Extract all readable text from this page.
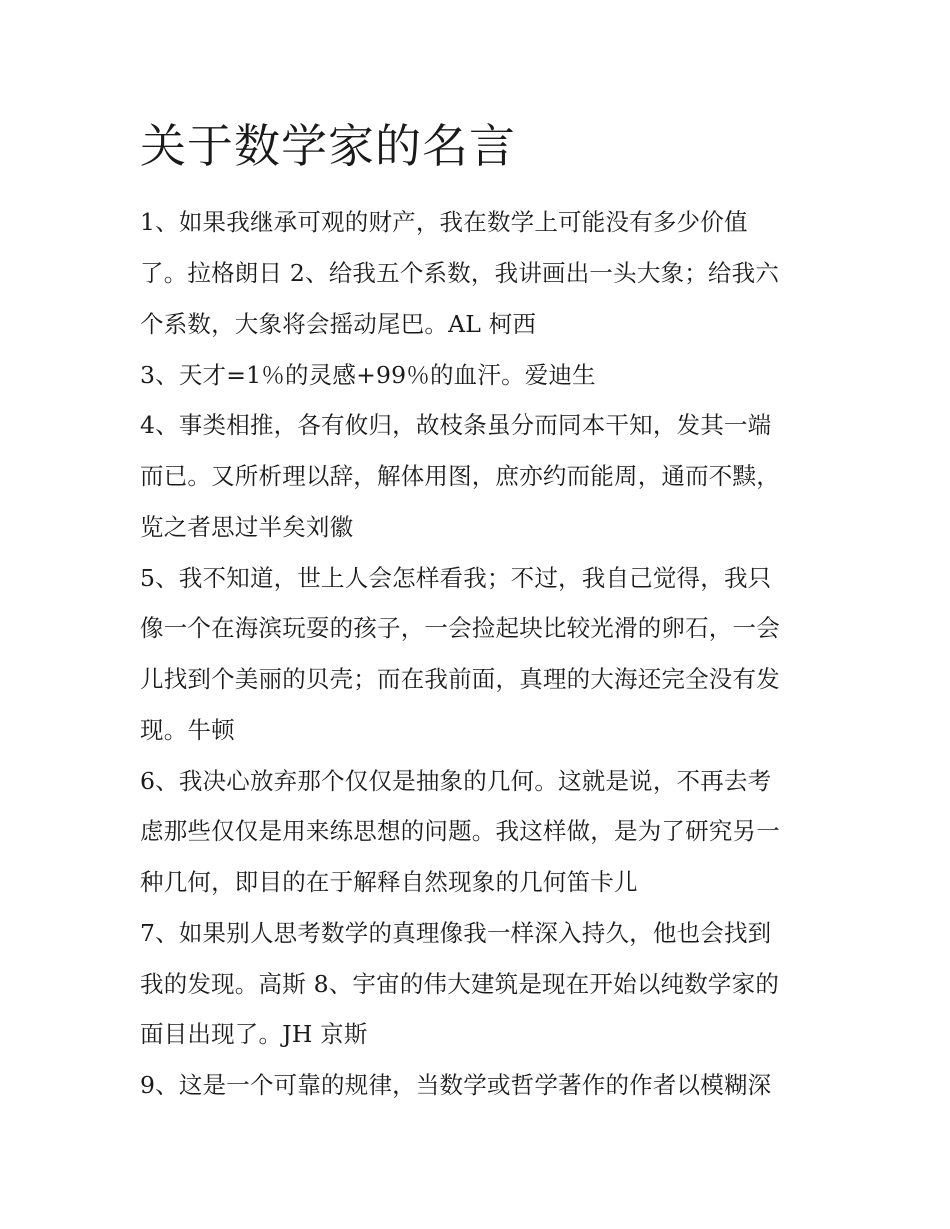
关于数学家的名言

1、如果我继承可观的财产，我在数学上可能没有多少价值

了。拉格朗日 2、给我五个系数，我讲画出一头大象；给我六

个系数，大象将会摇动尾巴。AL 柯西

3、天才=1％的灵感+99％的血汗。爱迪生

4、事类相推，各有攸归，故枝条虽分而同本干知，发其一端

而已。又所析理以辞，解体用图，庶亦约而能周，通而不黩，

览之者思过半矣刘徽

5、我不知道，世上人会怎样看我；不过，我自己觉得，我只

像一个在海滨玩耍的孩子，一会捡起块比较光滑的卵石，一会

儿找到个美丽的贝壳；而在我前面，真理的大海还完全没有发

现。牛顿

6、我决心放弃那个仅仅是抽象的几何。这就是说，不再去考

虑那些仅仅是用来练思想的问题。我这样做，是为了研究另一

种几何，即目的在于解释自然现象的几何笛卡儿

7、如果别人思考数学的真理像我一样深入持久，他也会找到

我的发现。高斯 8、宇宙的伟大建筑是现在开始以纯数学家的

面目出现了。JH 京斯

9、这是一个可靠的规律，当数学或哲学著作的作者以模糊深
